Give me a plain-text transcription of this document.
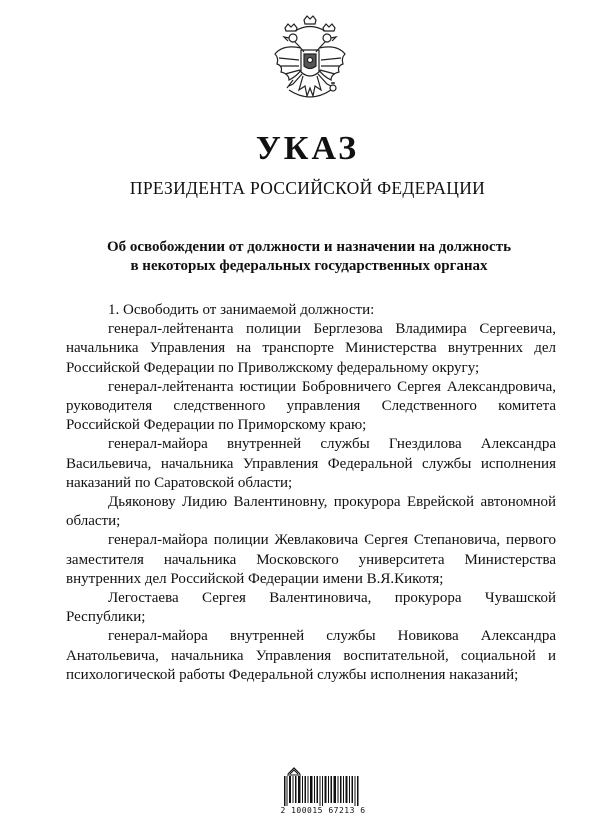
УКАЗ
ПРЕЗИДЕНТА РОССИЙСКОЙ ФЕДЕРАЦИИ
Об освобождении от должности и назначении на должность
в некоторых федеральных государственных органах

1. Освободить от занимаемой должности:

генерал-лейтенанта полиции Берглезова Владимира Сергеевича, начальника Управления на транспорте Министерства внутренних дел Российской Федерации по Приволжскому федеральному округу;

генерал-лейтенанта юстиции Бобровничего Сергея Александровича, руководителя следственного управления Следственного комитета Российской Федерации по Приморскому краю;

генерал-майора внутренней службы Гнездилова Александра Васильевича, начальника Управления Федеральной службы исполнения наказаний по Саратовской области;

Дьяконову Лидию Валентиновну, прокурора Еврейской автономной области;

генерал-майора полиции Жевлаковича Сергея Степановича, первого заместителя начальника Московского университета Министерства внутренних дел Российской Федерации имени В.Я.Кикотя;

Легостаева Сергея Валентиновича, прокурора Чувашской Республики;

генерал-майора внутренней службы Новикова Александра Анатольевича, начальника Управления воспитательной, социальной и психологической работы Федеральной службы исполнения наказаний;

2 100015 67213 6
